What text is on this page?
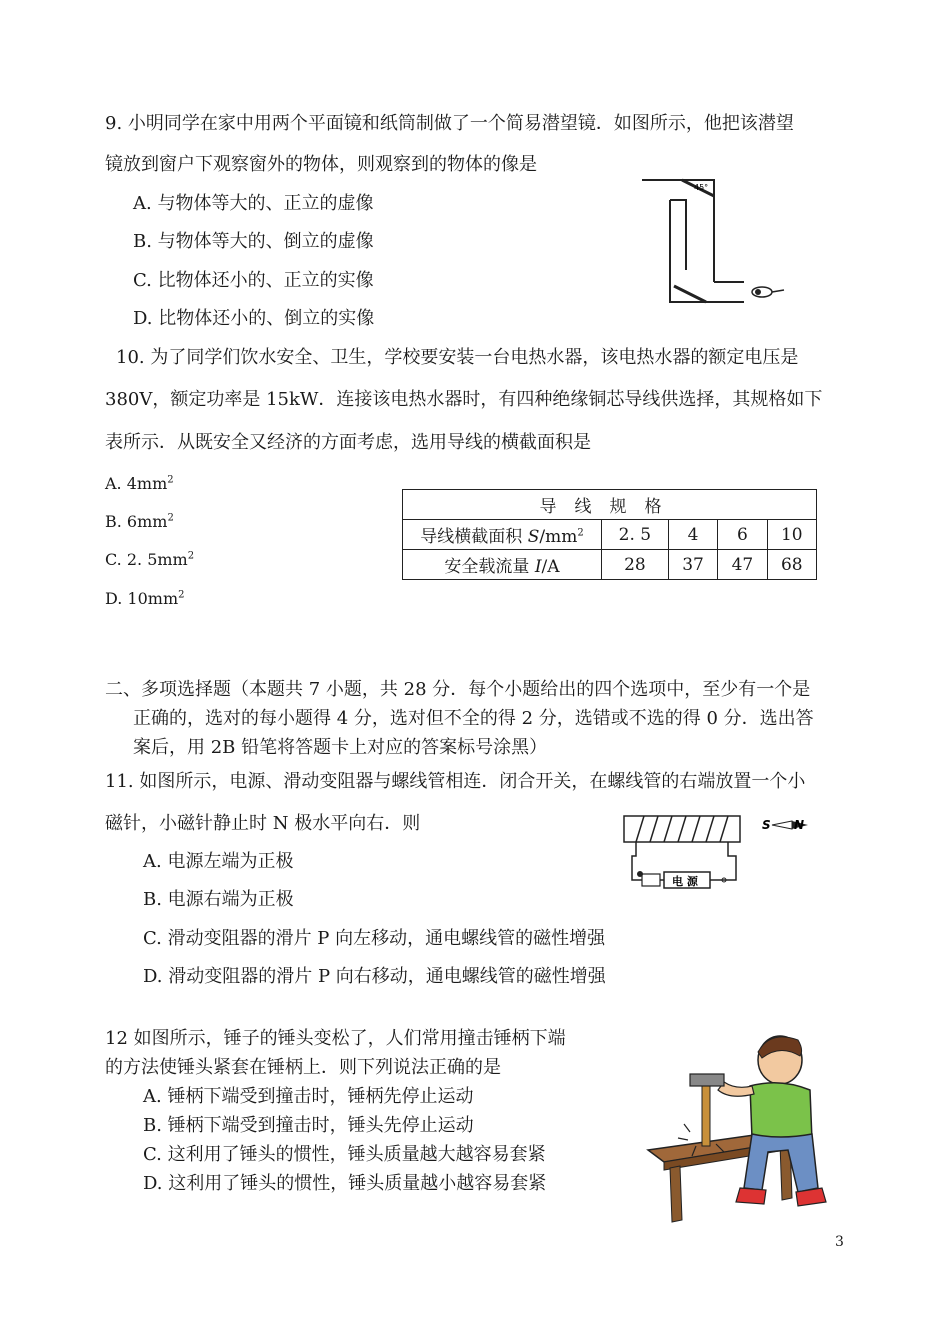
9. 小明同学在家中用两个平面镜和纸筒制做了一个简易潜望镜．如图所示，他把该潜望
镜放到窗户下观察窗外的物体，则观察到的物体的像是
A. 与物体等大的、正立的虚像
B. 与物体等大的、倒立的虚像
C. 比物体还小的、正立的实像
D. 比物体还小的、倒立的实像
45°
10. 为了同学们饮水安全、卫生，学校要安装一台电热水器，该电热水器的额定电压是
380V，额定功率是 15kW．连接该电热水器时，有四种绝缘铜芯导线供选择，其规格如下
表所示．从既安全又经济的方面考虑，选用导线的横截面积是
A. $4mm^2$
B. $6mm^2$
C. 2. $5mm^2$
D. $10mm^2$
导线规格				
导线横截面积 $S/mm^2$	2. 5	4	6	10
安全载流量 I/A	28	37	47	68
二、多项选择题（本题共 7 小题，共 28 分．每个小题给出的四个选项中，至少有一个是
正确的，选对的每小题得 4 分，选对但不全的得 2 分，选错或不选的得 0 分．选出答
案后，用 2B 铅笔将答题卡上对应的答案标号涂黑）
11. 如图所示，电源、滑动变阻器与螺线管相连．闭合开关，在螺线管的右端放置一个小
磁针，小磁针静止时 N 极水平向右．则
A. 电源左端为正极
B. 电源右端为正极
C. 滑动变阻器的滑片 P 向左移动，通电螺线管的磁性增强
D. 滑动变阻器的滑片 P 向右移动，通电螺线管的磁性增强
电 源
S N
12 如图所示，锤子的锤头变松了，人们常用撞击锤柄下端
的方法使锤头紧套在锤柄上．则下列说法正确的是
A. 锤柄下端受到撞击时，锤柄先停止运动
B. 锤柄下端受到撞击时，锤头先停止运动
C. 这利用了锤头的惯性，锤头质量越大越容易套紧
D. 这利用了锤头的惯性，锤头质量越小越容易套紧
3
